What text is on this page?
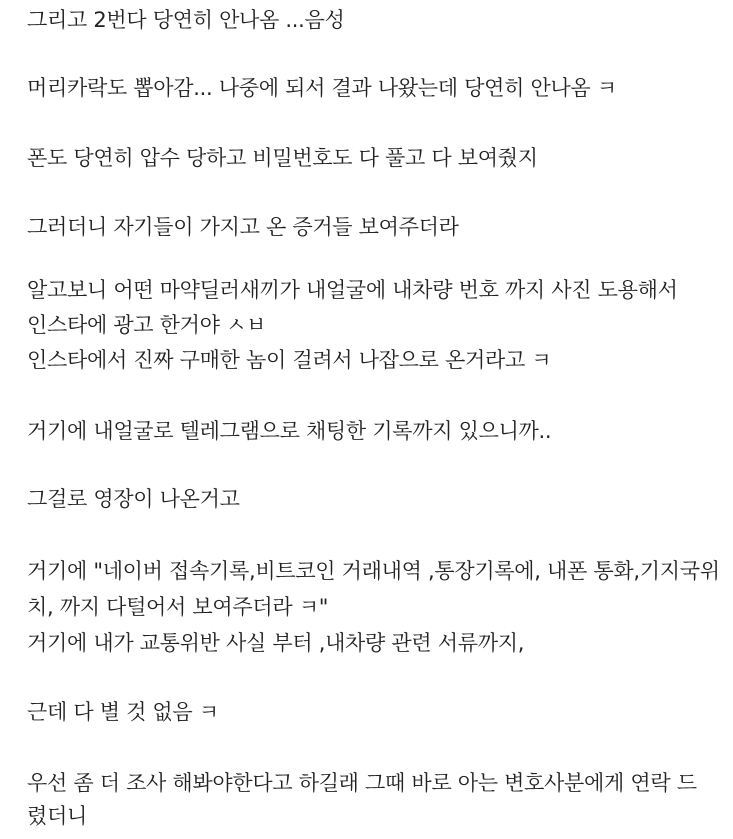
그리고 2번다 당연히 안나옴 ...음성
머리카락도 뽑아감... 나중에 되서 결과 나왔는데 당연히 안나옴 ㅋ
폰도 당연히 압수 당하고 비밀번호도 다 풀고 다 보여줬지
그러더니 자기들이 가지고 온 증거들 보여주더라
알고보니 어떤 마약딜러새끼가 내얼굴에 내차량 번호 까지 사진 도용해서
인스타에 광고 한거야 ㅅㅂ
인스타에서 진짜 구매한 놈이 걸려서 나잡으로 온거라고 ㅋ
거기에 내얼굴로 텔레그램으로 채팅한 기록까지 있으니까..
그걸로 영장이 나온거고
거기에 "네이버 접속기록,비트코인 거래내역 ,통장기록에, 내폰 통화,기지국위
치, 까지 다털어서 보여주더라 ㅋ"
거기에 내가 교통위반 사실 부터 ,내차량 관련 서류까지,
근데 다 별 것 없음 ㅋ
우선 좀 더 조사 해봐야한다고 하길래 그때 바로 아는 변호사분에게 연락 드
렸더니
